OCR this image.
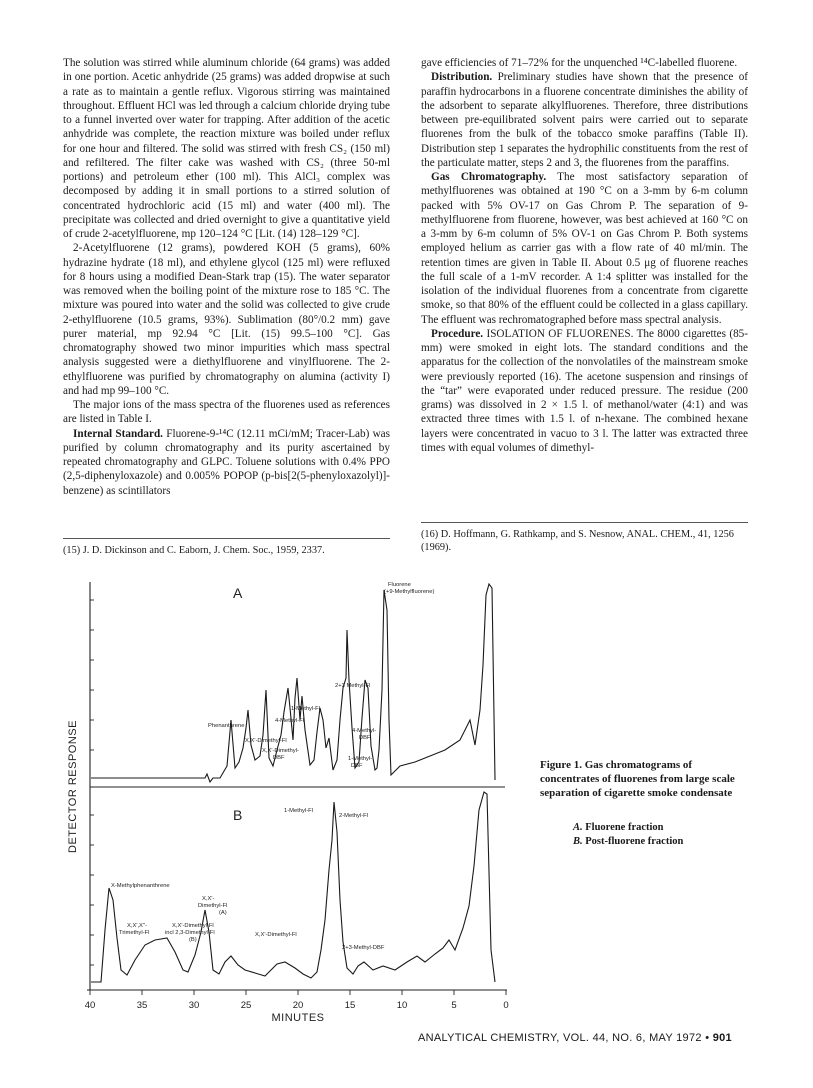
The solution was stirred while aluminum chloride (64 grams) was added in one portion. Acetic anhydride (25 grams) was added dropwise at such a rate as to maintain a gentle reflux. Vigorous stirring was maintained throughout. Effluent HCl was led through a calcium chloride drying tube to a funnel inverted over water for trapping. After addition of the acetic anhydride was complete, the reaction mixture was boiled under reflux for one hour and filtered. The solid was stirred with fresh CS₂ (150 ml) and refiltered. The filter cake was washed with CS₂ (three 50-ml portions) and petroleum ether (100 ml). This AlCl₃ complex was decomposed by adding it in small portions to a stirred solution of concentrated hydrochloric acid (15 ml) and water (400 ml). The precipitate was collected and dried overnight to give a quantitative yield of crude 2-acetylfluorene, mp 120–124 °C [Lit. (14) 128–129 °C].

2-Acetylfluorene (12 grams), powdered KOH (5 grams), 60% hydrazine hydrate (18 ml), and ethylene glycol (125 ml) were refluxed for 8 hours using a modified Dean-Stark trap (15). The water separator was removed when the boiling point of the mixture rose to 185 °C. The mixture was poured into water and the solid was collected to give crude 2-ethylfluorene (10.5 grams, 93%). Sublimation (80°/0.2 mm) gave purer material, mp 92.94 °C [Lit. (15) 99.5–100 °C]. Gas chromatography showed two minor impurities which mass spectral analysis suggested were a diethylfluorene and vinylfluorene. The 2-ethylfluorene was purified by chromatography on alumina (activity I) and had mp 99–100 °C.

The major ions of the mass spectra of the fluorenes used as references are listed in Table I.

Internal Standard. Fluorene-9-¹⁴C (12.11 mCi/mM; Tracer-Lab) was purified by column chromatography and its purity ascertained by repeated chromatography and GLPC. Toluene solutions with 0.4% PPO (2,5-diphenyloxazole) and 0.005% POPOP (p-bis[2(5-phenyloxazolyl)]-benzene) as scintillators

gave efficiencies of 71–72% for the unquenched ¹⁴C-labelled fluorene.

Distribution. Preliminary studies have shown that the presence of paraffin hydrocarbons in a fluorene concentrate diminishes the ability of the adsorbent to separate alkylfluorenes. Therefore, three distributions between pre-equilibrated solvent pairs were carried out to separate fluorenes from the bulk of the tobacco smoke paraffins (Table II). Distribution step 1 separates the hydrophilic constituents from the rest of the particulate matter, steps 2 and 3, the fluorenes from the paraffins.

Gas Chromatography. The most satisfactory separation of methylfluorenes was obtained at 190 °C on a 3-mm by 6-m column packed with 5% OV-17 on Gas Chrom P. The separation of 9-methylfluorene from fluorene, however, was best achieved at 160 °C on a 3-mm by 6-m column of 5% OV-1 on Gas Chrom P. Both systems employed helium as carrier gas with a flow rate of 40 ml/min. The retention times are given in Table II. About 0.5 μg of fluorene reaches the full scale of a 1-mV recorder. A 1:4 splitter was installed for the isolation of the individual fluorenes from a concentrate from cigarette smoke, so that 80% of the effluent could be collected in a glass capillary. The effluent was rechromatographed before mass spectral analysis.

Procedure. ISOLATION OF FLUORENES. The 8000 cigarettes (85-mm) were smoked in eight lots. The standard conditions and the apparatus for the collection of the nonvolatiles of the mainstream smoke were previously reported (16). The acetone suspension and rinsings of the “tar” were evaporated under reduced pressure. The residue (200 grams) was dissolved in 2 × 1.5 l. of methanol/water (4:1) and was extracted three times with 1.5 l. of n-hexane. The combined hexane layers were concentrated in vacuo to 3 l. The latter was extracted three times with equal volumes of dimethyl-

(15) J. D. Dickinson and C. Eaborn, J. Chem. Soc., 1959, 2337.
(16) D. Hoffmann, G. Rathkamp, and S. Nesnow, ANAL. CHEM., 41, 1256 (1969).
40	35	30	25	20	15	10	5	0
MINUTES
DETECTOR RESPONSE
A
B
Fluorene
(+9-Methylfluorene)
2+3 Methyl-Fl
1-Methyl-Fl
4-Methyl-Fl
Phenanthrene
X,X'-Dimethyl-Fl
X,X'-Dimethyl-
DBF
4-Methyl-
DBF
1-Methyl-
DBF
1-Methyl-Fl
2-Methyl-Fl
X-Methylphenanthrene
X,X'-
Dimethyl-Fl
(A)
X,X',X''-
Trimethyl-Fl
X,X'-Dimethyl-Fl
incl 2,3-Dimethyl-Fl
(B)
X,X'-Dimethyl-Fl
2+3-Methyl-DBF
Figure 1. Gas chromatograms of concentrates of fluorenes from large scale separation of cigarette smoke condensate
A. Fluorene fraction
B. Post-fluorene fraction
ANALYTICAL CHEMISTRY, VOL. 44, NO. 6, MAY 1972 • 901
